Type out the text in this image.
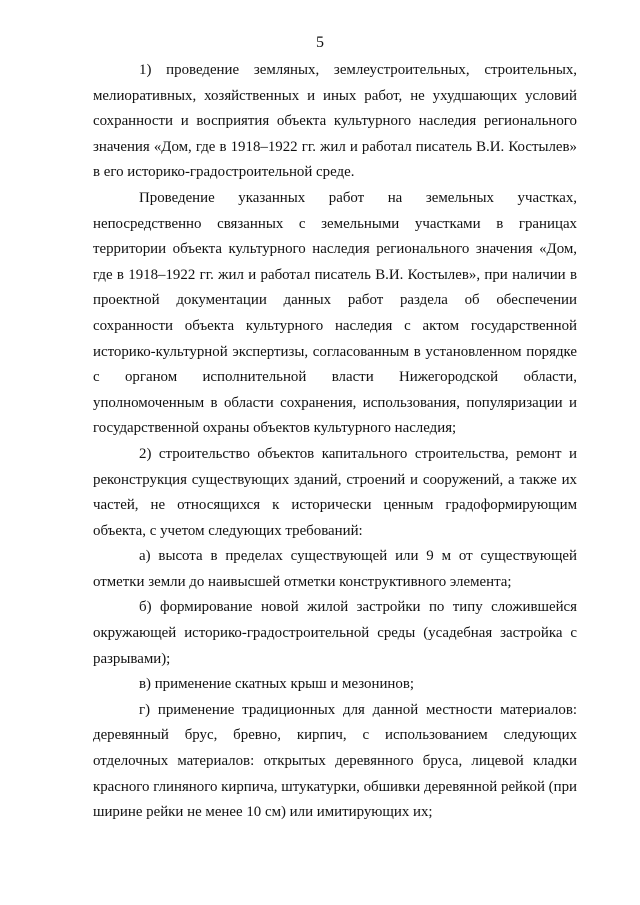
5

1) проведение земляных, землеустроительных, строительных, мелиоративных, хозяйственных и иных работ, не ухудшающих условий сохранности и восприятия объекта культурного наследия регионального значения «Дом, где в 1918–1922 гг. жил и работал писатель В.И. Костылев» в его историко-градостроительной среде.

Проведение указанных работ на земельных участках, непосредственно связанных с земельными участками в границах территории объекта культурного наследия регионального значения «Дом, где в 1918–1922 гг. жил и работал писатель В.И. Костылев», при наличии в проектной документации данных работ раздела об обеспечении сохранности объекта культурного наследия с актом государственной историко-культурной экспертизы, согласованным в установленном порядке с органом исполнительной власти Нижегородской области, уполномоченным в области сохранения, использования, популяризации и государственной охраны объектов культурного наследия;

2) строительство объектов капитального строительства, ремонт и реконструкция существующих зданий, строений и сооружений, а также их частей, не относящихся к исторически ценным градоформирующим объекта, с учетом следующих требований:

а) высота в пределах существующей или 9 м от существующей отметки земли до наивысшей отметки конструктивного элемента;

б) формирование новой жилой застройки по типу сложившейся окружающей историко-градостроительной среды (усадебная застройка с разрывами);

в) применение скатных крыш и мезонинов;

г) применение традиционных для данной местности материалов: деревянный брус, бревно, кирпич, с использованием следующих отделочных материалов: открытых деревянного бруса, лицевой кладки красного глиняного кирпича, штукатурки, обшивки деревянной рейкой (при ширине рейки не менее 10 см) или имитирующих их;
